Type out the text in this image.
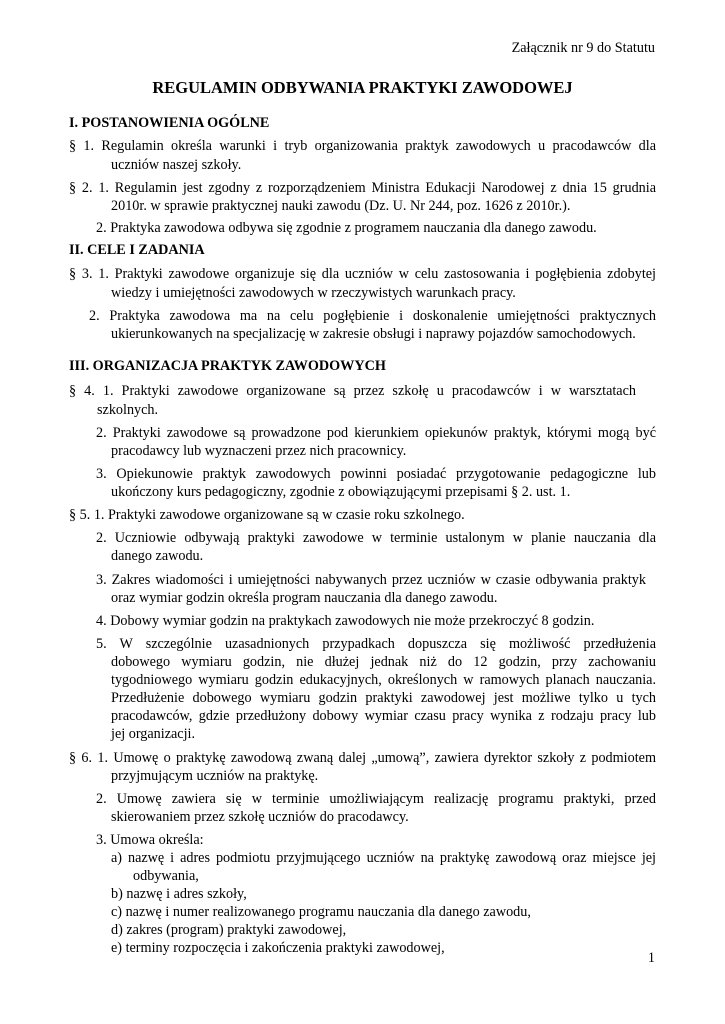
Załącznik nr 9 do Statutu
REGULAMIN ODBYWANIA PRAKTYKI ZAWODOWEJ
I. POSTANOWIENIA OGÓLNE
§ 1. Regulamin określa warunki i tryb organizowania praktyk zawodowych u pracodawców dla
uczniów naszej szkoły.
§ 2. 1. Regulamin jest zgodny z rozporządzeniem Ministra Edukacji Narodowej z dnia 15 grudnia
2010r. w sprawie praktycznej nauki zawodu (Dz. U. Nr 244, poz. 1626 z 2010r.).
2. Praktyka zawodowa odbywa się zgodnie z programem nauczania dla danego zawodu.
II. CELE I ZADANIA
§ 3. 1. Praktyki zawodowe organizuje się dla uczniów w celu zastosowania i pogłębienia zdobytej
wiedzy i umiejętności zawodowych w rzeczywistych warunkach pracy.
2. Praktyka zawodowa ma na celu pogłębienie i doskonalenie umiejętności praktycznych
ukierunkowanych na specjalizację w zakresie obsługi i naprawy pojazdów samochodowych.
III. ORGANIZACJA PRAKTYK ZAWODOWYCH
§ 4. 1. Praktyki zawodowe organizowane są przez szkołę u pracodawców i w warsztatach
szkolnych.
2. Praktyki zawodowe są prowadzone pod kierunkiem opiekunów praktyk, którymi mogą być
pracodawcy lub wyznaczeni przez nich pracownicy.
3. Opiekunowie praktyk zawodowych powinni posiadać przygotowanie pedagogiczne lub
ukończony kurs pedagogiczny, zgodnie z obowiązującymi przepisami § 2. ust. 1.
§ 5. 1. Praktyki zawodowe organizowane są w czasie roku szkolnego.
2. Uczniowie odbywają praktyki zawodowe w terminie ustalonym w planie nauczania dla
danego zawodu.
3. Zakres wiadomości i umiejętności nabywanych przez uczniów w czasie odbywania praktyk
oraz wymiar godzin określa program nauczania dla danego zawodu.
4. Dobowy wymiar godzin na praktykach zawodowych nie może przekroczyć 8 godzin.
5. W szczególnie uzasadnionych przypadkach dopuszcza się możliwość przedłużenia
dobowego wymiaru godzin, nie dłużej jednak niż do 12 godzin, przy zachowaniu
tygodniowego wymiaru godzin edukacyjnych, określonych w ramowych planach nauczania.
Przedłużenie dobowego wymiaru godzin praktyki zawodowej jest możliwe tylko u tych
pracodawców, gdzie przedłużony dobowy wymiar czasu pracy wynika z rodzaju pracy lub
jej organizacji.
§ 6. 1. Umowę o praktykę zawodową zwaną dalej „umową”, zawiera dyrektor szkoły z podmiotem
przyjmującym uczniów na praktykę.
2. Umowę zawiera się w terminie umożliwiającym realizację programu praktyki, przed
skierowaniem przez szkołę uczniów do pracodawcy.
3. Umowa określa:
a) nazwę i adres podmiotu przyjmującego uczniów na praktykę zawodową oraz miejsce jej
odbywania,
b) nazwę i adres szkoły,
c) nazwę i numer realizowanego programu nauczania dla danego zawodu,
d) zakres (program) praktyki zawodowej,
e) terminy rozpoczęcia i zakończenia praktyki zawodowej,
1
